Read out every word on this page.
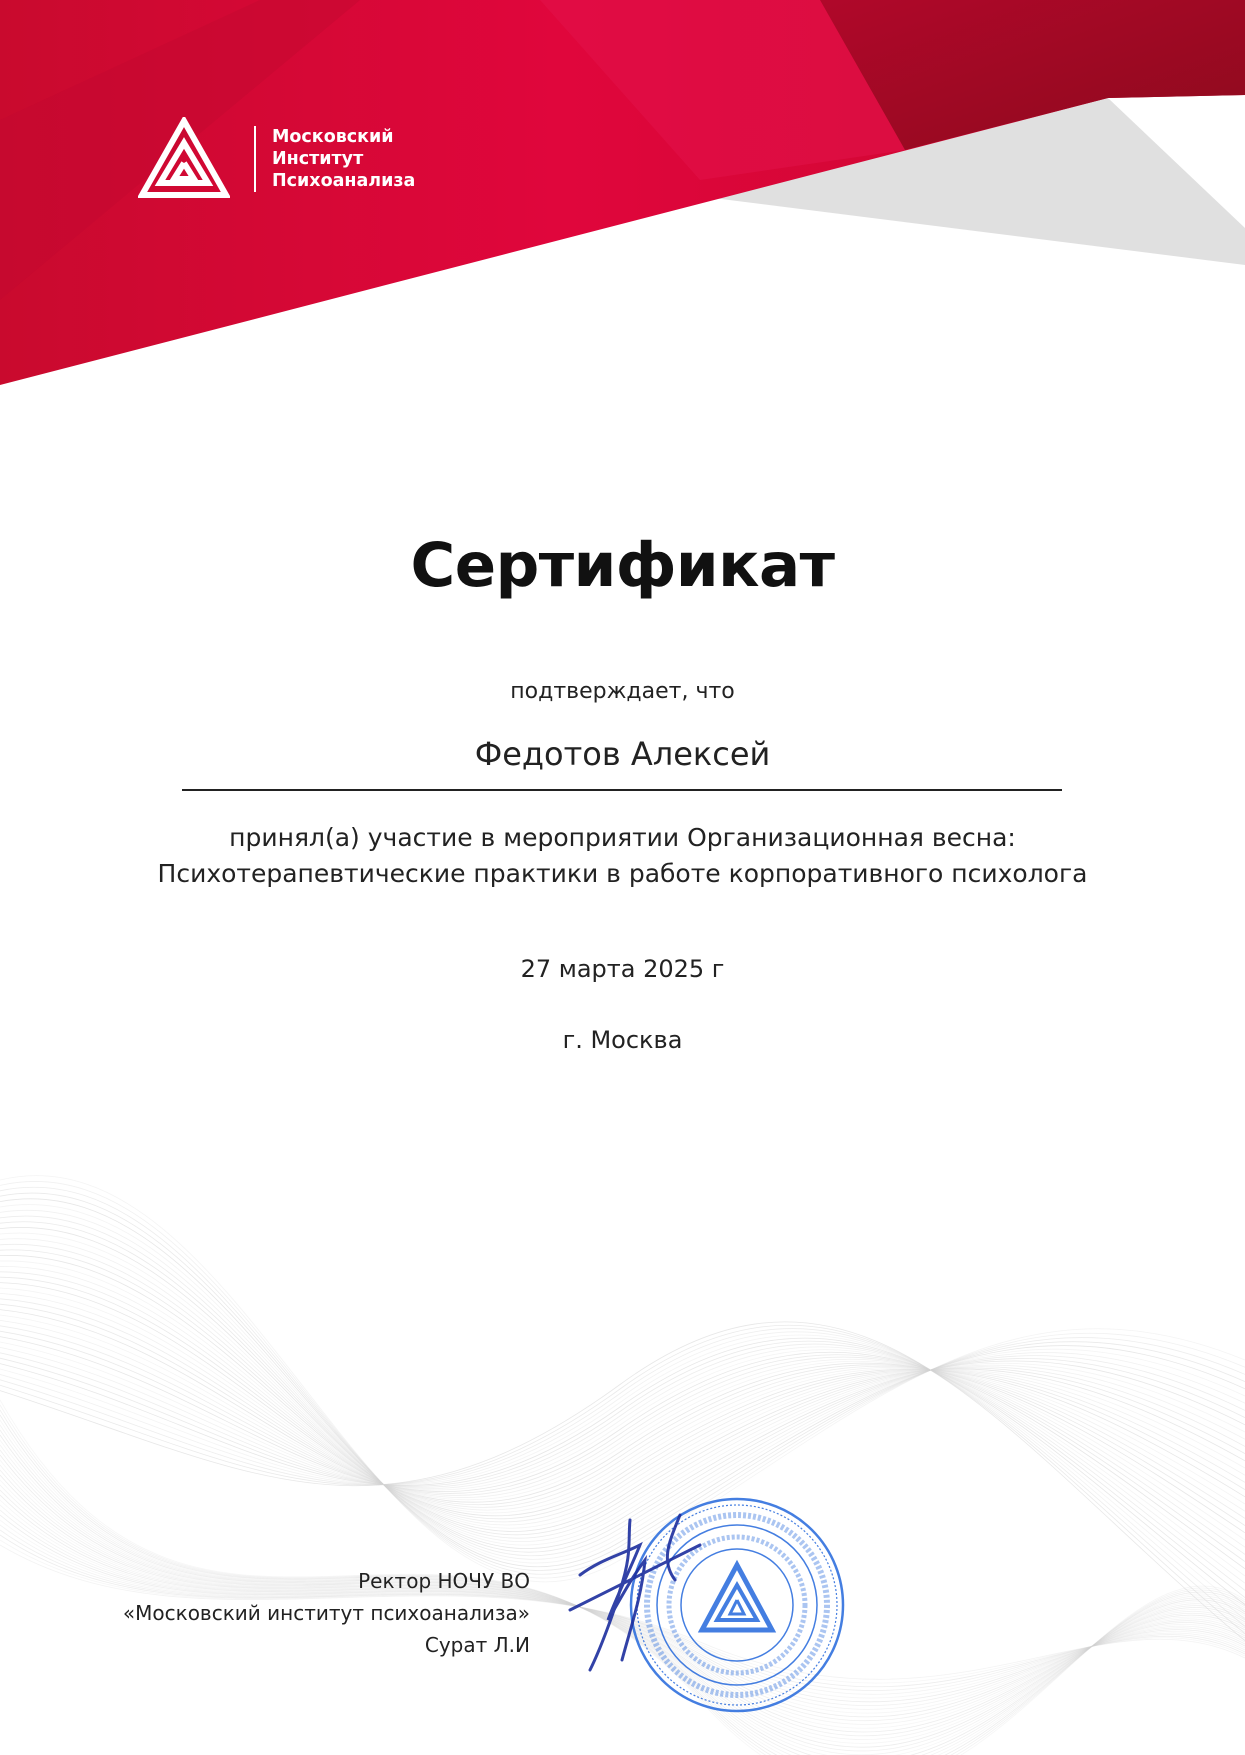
Московский
Институт
Психоанализа
Сертификат
подтверждает, что
Федотов Алексей
принял(а) участие в мероприятии Организационная весна:
Психотерапевтические практики в работе корпоративного психолога
27 марта 2025 г
г. Москва
Ректор НОЧУ ВО
«Московский институт психоанализа»
Сурат Л.И
